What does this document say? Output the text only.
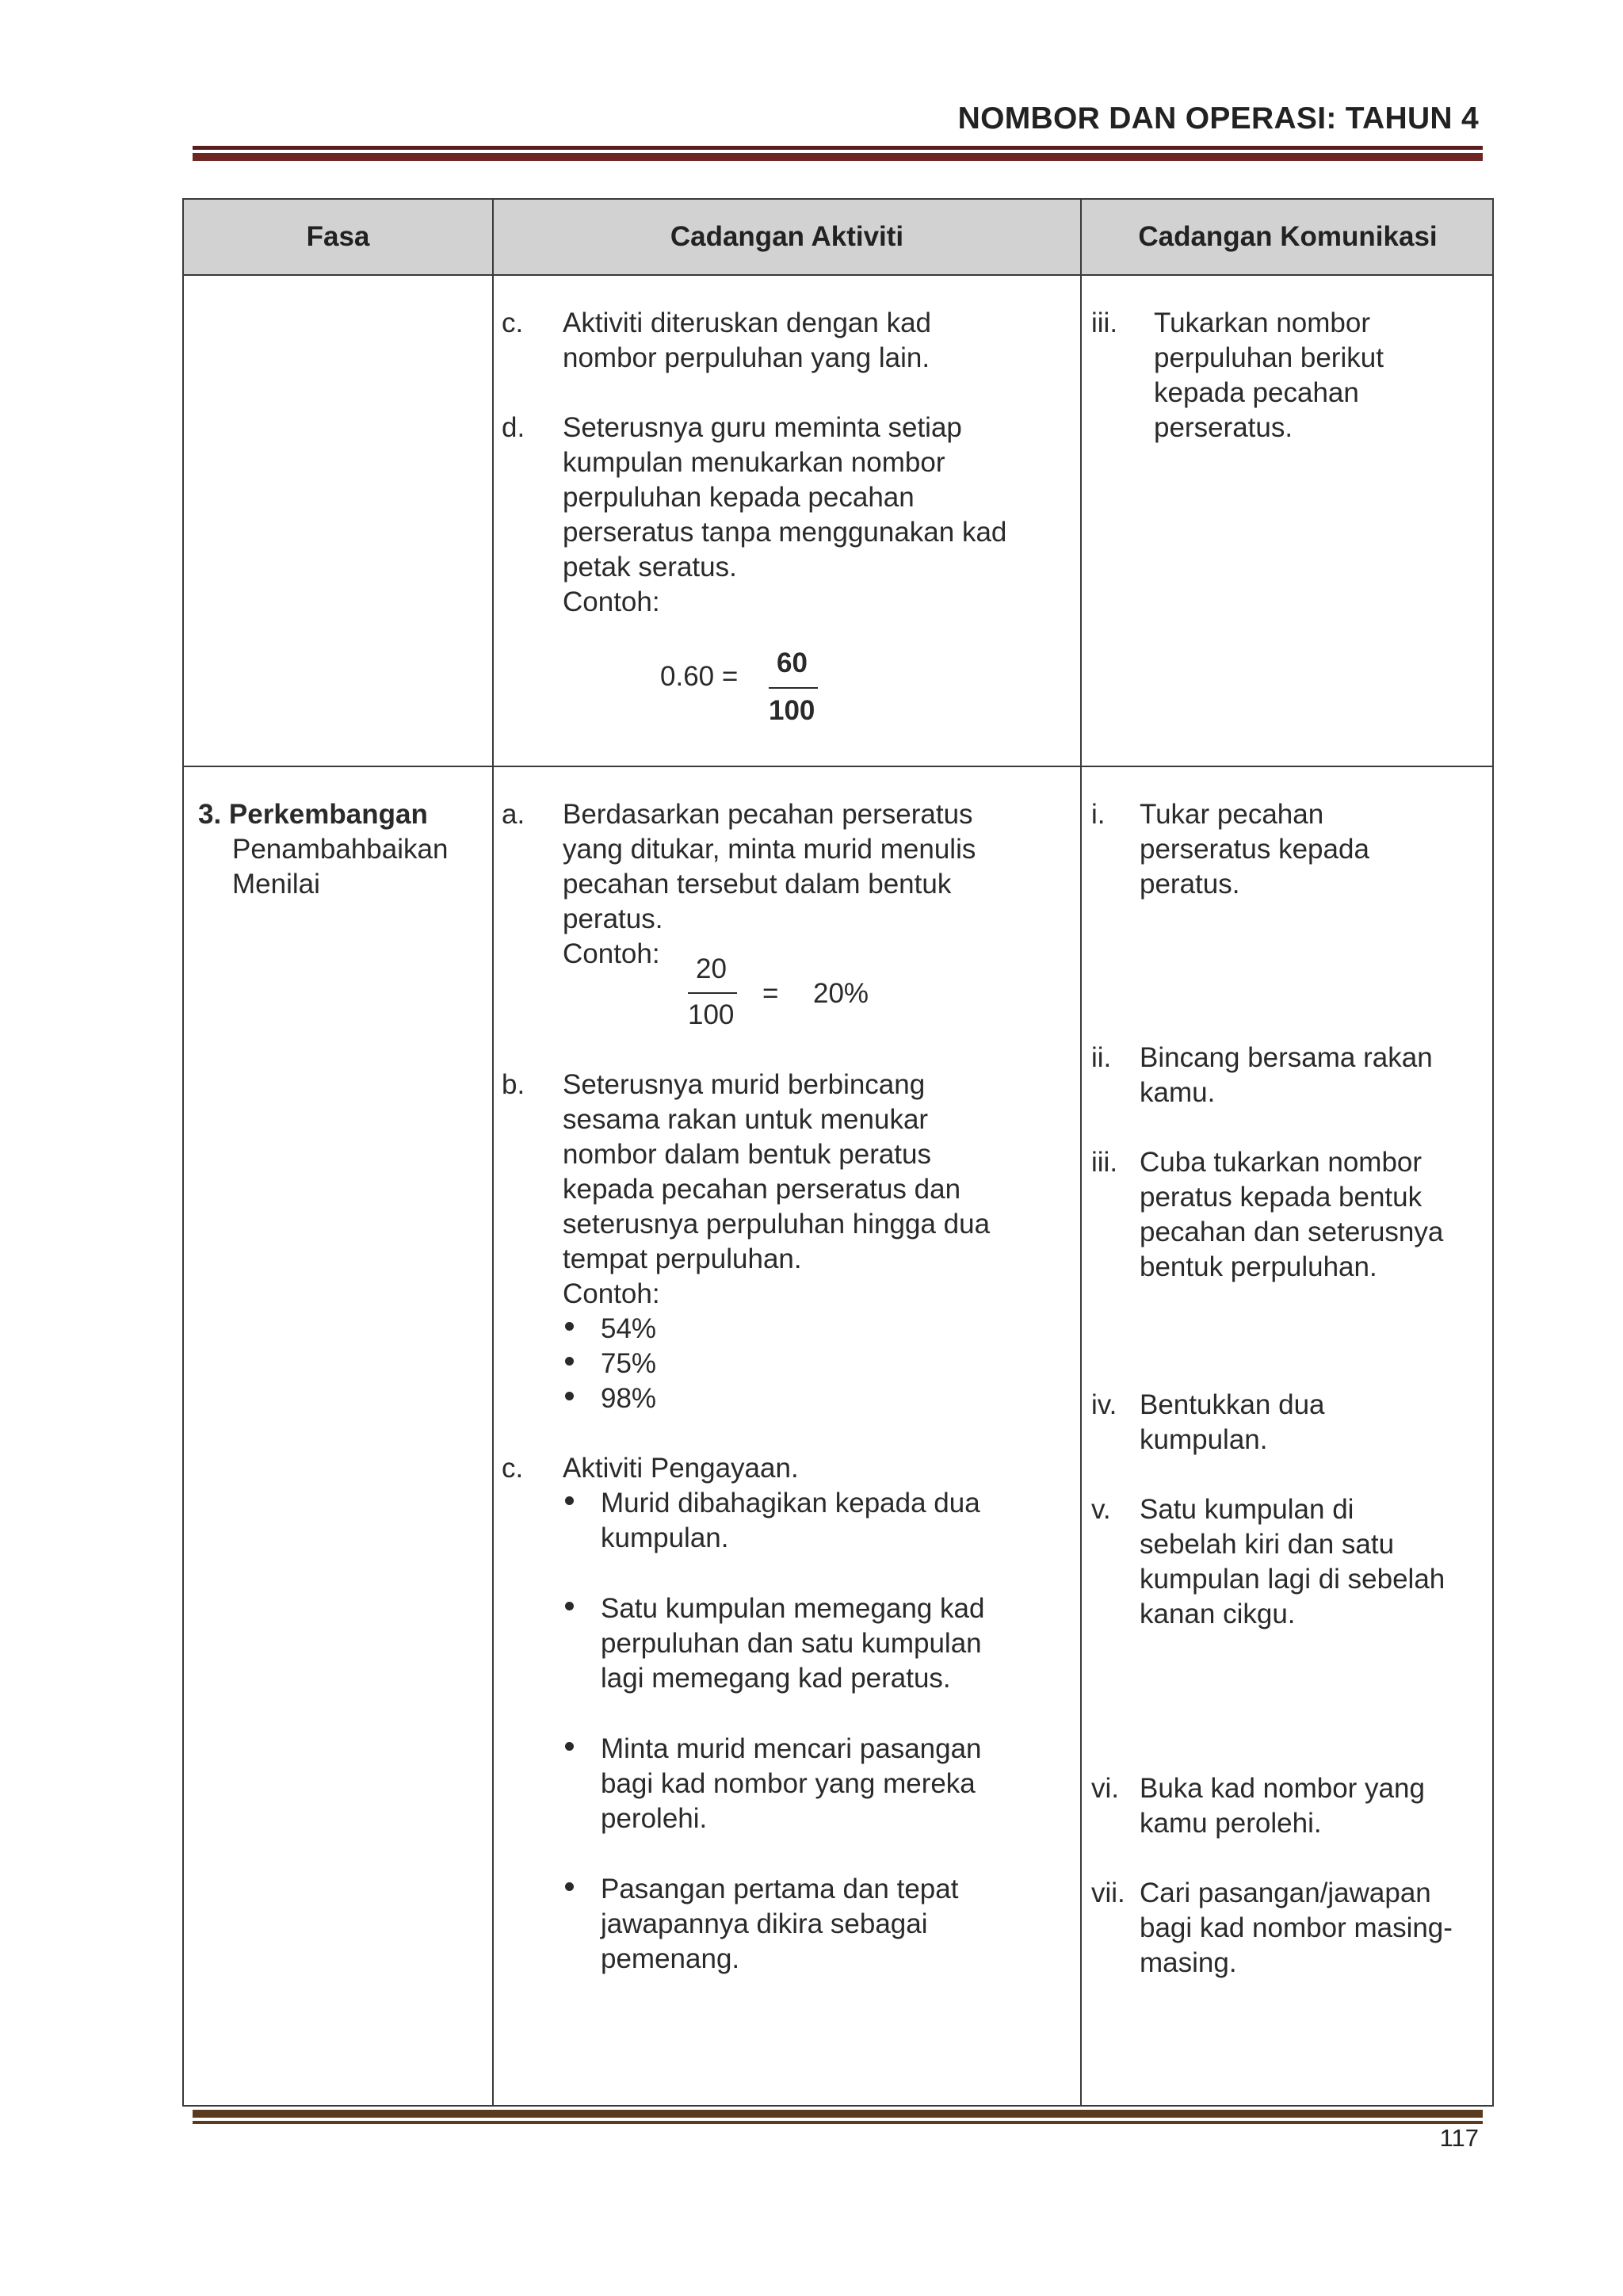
NOMBOR DAN OPERASI: TAHUN 4
Fasa	Cadangan Aktiviti	Cadangan Komunikasi
c. Aktiviti diteruskan dengan kad
nombor perpuluhan yang lain.
d. Seterusnya guru meminta setiap
kumpulan menukarkan nombor
perpuluhan kepada pecahan
perseratus tanpa menggunakan kad
petak seratus.
Contoh:
0.60 = 60
100
iii. Tukarkan nombor
perpuluhan berikut
kepada pecahan
perseratus.
3. Perkembangan
Penambahbaikan
Menilai
a. Berdasarkan pecahan perseratus
yang ditukar, minta murid menulis
pecahan tersebut dalam bentuk
peratus.
Contoh: 20
100
= 20%
b. Seterusnya murid berbincang
sesama rakan untuk menukar
nombor dalam bentuk peratus
kepada pecahan perseratus dan
seterusnya perpuluhan hingga dua
tempat perpuluhan.
Contoh:
54%
75%
98%
c. Aktiviti Pengayaan.
Murid dibahagikan kepada dua
kumpulan.
Satu kumpulan memegang kad
perpuluhan dan satu kumpulan
lagi memegang kad peratus.
Minta murid mencari pasangan
bagi kad nombor yang mereka
perolehi.
Pasangan pertama dan tepat
jawapannya dikira sebagai
pemenang.
i. Tukar pecahan
perseratus kepada
peratus.
ii. Bincang bersama rakan
kamu.
iii. Cuba tukarkan nombor
peratus kepada bentuk
pecahan dan seterusnya
bentuk perpuluhan.
iv. Bentukkan dua
kumpulan.
v. Satu kumpulan di
sebelah kiri dan satu
kumpulan lagi di sebelah
kanan cikgu.
vi. Buka kad nombor yang
kamu perolehi.
vii. Cari pasangan/jawapan
bagi kad nombor masing-
masing.
117
